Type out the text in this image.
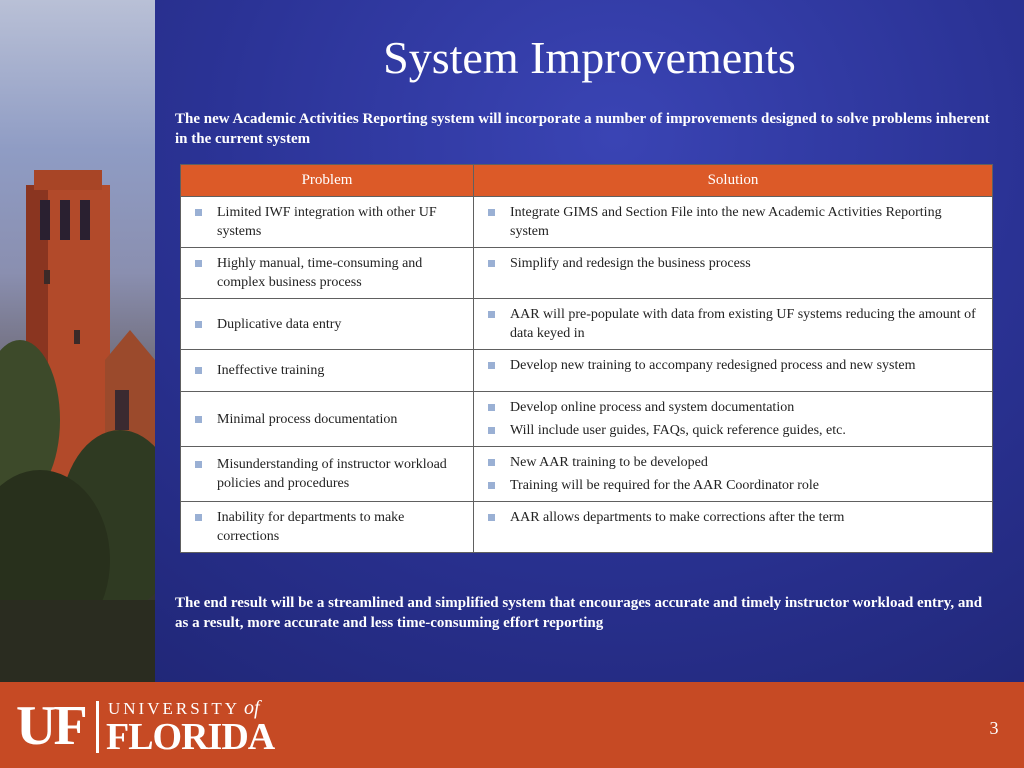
System Improvements
The new Academic Activities Reporting system will incorporate a number of improvements designed to solve problems inherent in the current system
Problem	Solution

Limited IWF integration with other UF systems	Integrate GIMS and Section File into the new Academic Activities Reporting system

Highly manual, time-consuming and complex business process	Simplify and redesign the business process

Duplicative data entry	AAR will pre-populate with data from existing UF systems reducing the amount of data keyed in

Ineffective training	Develop new training to accompany redesigned process and new system

Minimal process documentation	Develop online process and system documentation

Will include user guides, FAQs, quick reference guides, etc.

Misunderstanding of instructor workload policies and procedures	New AAR training to be developed

Training will be required for the AAR Coordinator role

Inability for departments to make corrections	AAR allows departments to make corrections after the term

The end result will be a streamlined and simplified system that encourages accurate and timely instructor workload entry, and as a result, more accurate and less time-consuming effort reporting
UF UNIVERSITY of
FLORIDA	3
